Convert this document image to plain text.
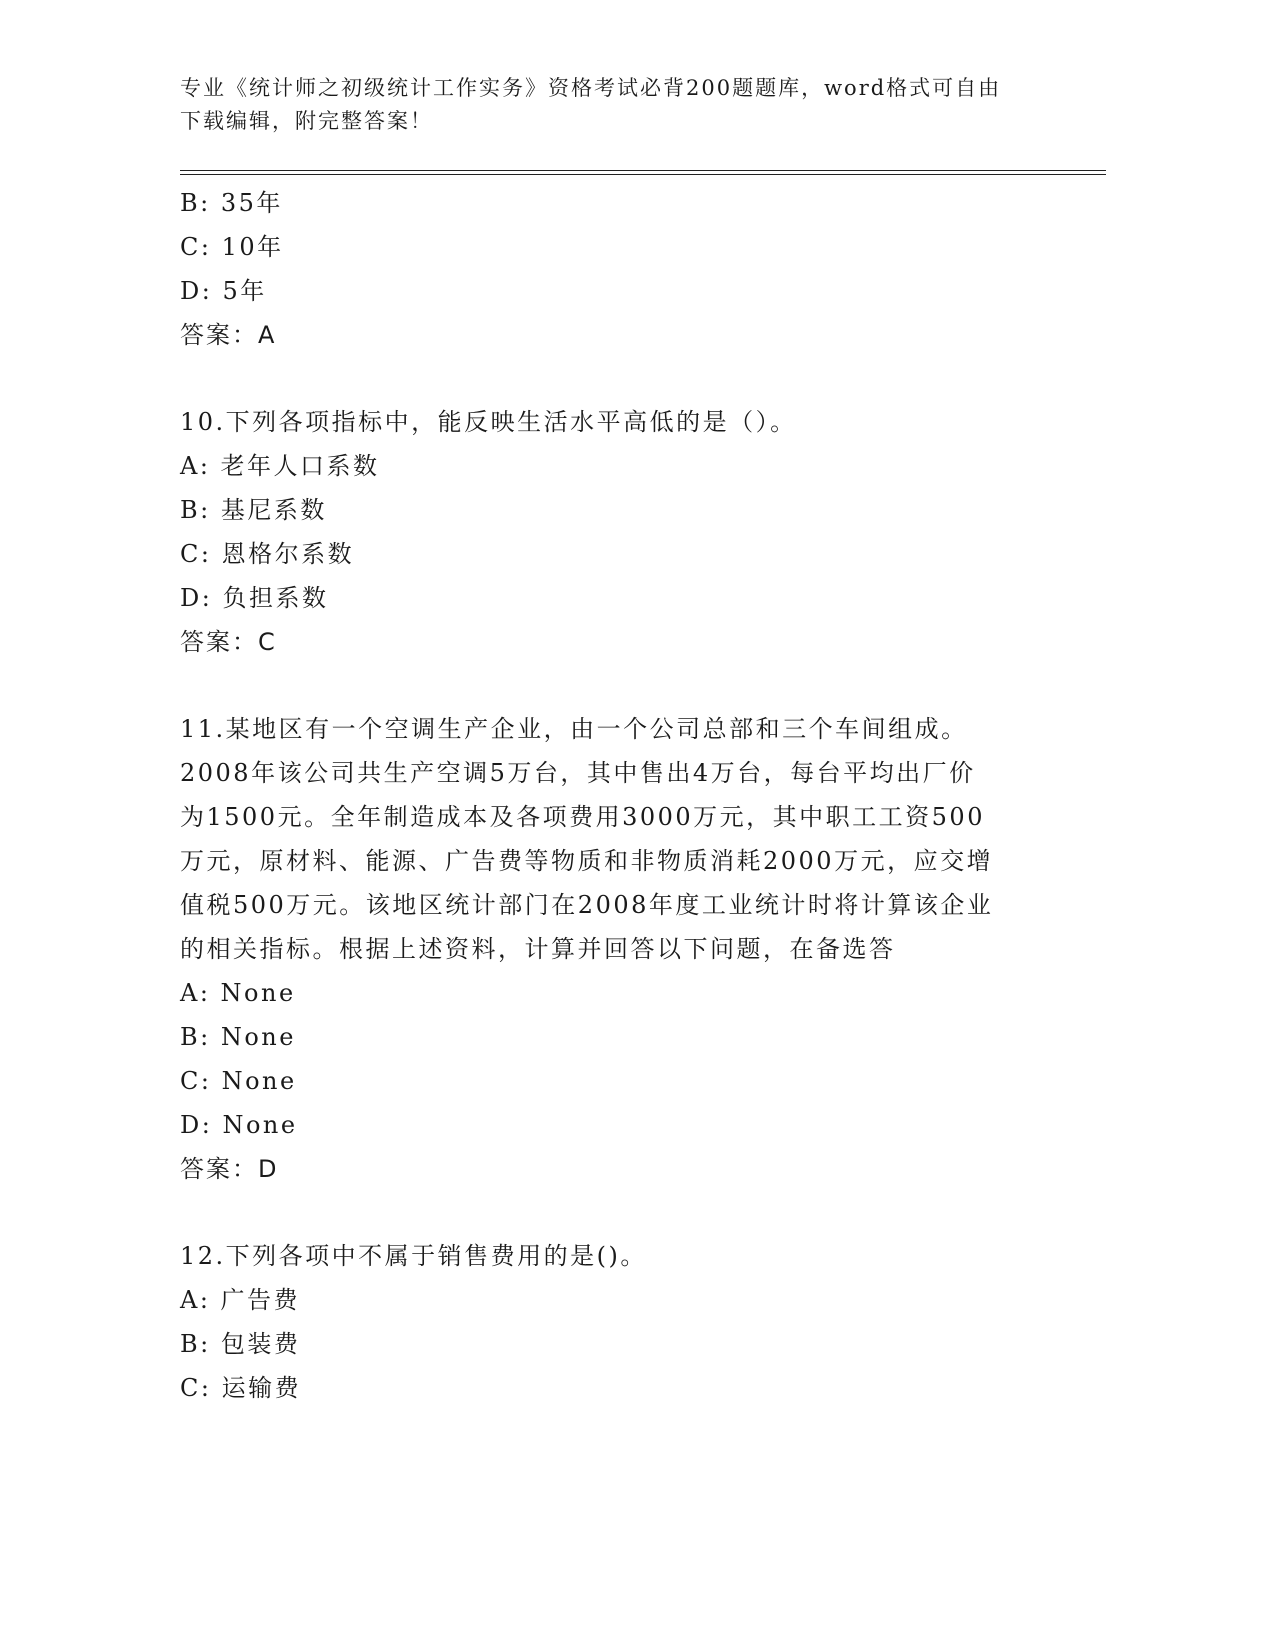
专业《统计师之初级统计工作实务》资格考试必背200题题库，word格式可自由
下载编辑，附完整答案！
B: 35年
C: 10年
D: 5年
答案：A
10.下列各项指标中，能反映生活水平高低的是（）。
A: 老年人口系数
B: 基尼系数
C: 恩格尔系数
D: 负担系数
答案：C
11.某地区有一个空调生产企业，由一个公司总部和三个车间组成。
2008年该公司共生产空调5万台，其中售出4万台，每台平均出厂价
为1500元。全年制造成本及各项费用3000万元，其中职工工资500
万元，原材料、能源、广告费等物质和非物质消耗2000万元，应交增
值税500万元。该地区统计部门在2008年度工业统计时将计算该企业
的相关指标。根据上述资料，计算并回答以下问题，在备选答
A: None
B: None
C: None
D: None
答案：D
12.下列各项中不属于销售费用的是()。
A: 广告费
B: 包装费
C: 运输费
